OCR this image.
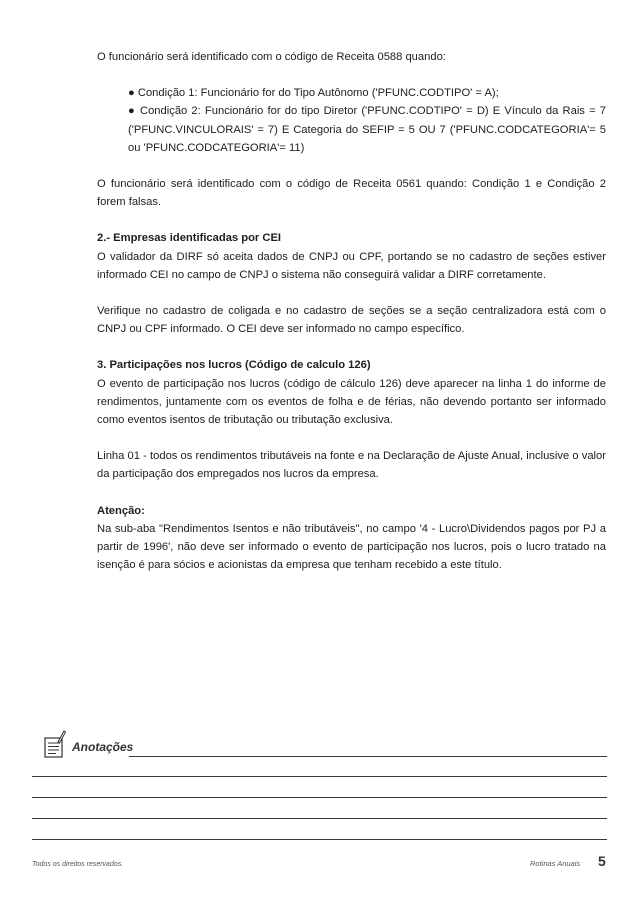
O funcionário será identificado com o código de Receita 0588 quando:

● Condição 1: Funcionário for do Tipo Autônomo ('PFUNC.CODTIPO' = A);

● Condição 2: Funcionário for do tipo Diretor ('PFUNC.CODTIPO' = D) E Vínculo da Rais = 7 ('PFUNC.VINCULORAIS' = 7) E Categoria do SEFIP = 5 OU 7 ('PFUNC.CODCATEGORIA'= 5 ou 'PFUNC.CODCATEGORIA'= 11)

O funcionário será identificado com o código de Receita 0561 quando: Condição 1 e Condição 2 forem falsas.

2.- Empresas identificadas por CEI

O validador da DIRF só aceita dados de CNPJ ou CPF, portando se no cadastro de seções estiver informado CEI no campo de CNPJ o sistema não conseguirá validar a DIRF corretamente.

Verifique no cadastro de coligada e no cadastro de seções se a seção centralizadora está com o CNPJ ou CPF informado. O CEI deve ser informado no campo específico.

3. Participações nos lucros (Código de calculo 126)

O evento de participação nos lucros (código de cálculo 126) deve aparecer na linha 1 do informe de rendimentos, juntamente com os eventos de folha e de férias, não devendo portanto ser informado como eventos isentos de tributação ou tributação exclusiva.

Linha 01 - todos os rendimentos tributáveis na fonte e na Declaração de Ajuste Anual, inclusive o valor da participação dos empregados nos lucros da empresa.

Atenção:

Na sub-aba "Rendimentos Isentos e não tributáveis", no campo '4 - Lucro\Dividendos pagos por PJ a partir de 1996', não deve ser informado o evento de participação nos lucros, pois o lucro tratado na isenção é para sócios e acionistas da empresa que tenham recebido a este título.

Anotações
Todos os direitos reservados.	Rotinas Anuais 5
